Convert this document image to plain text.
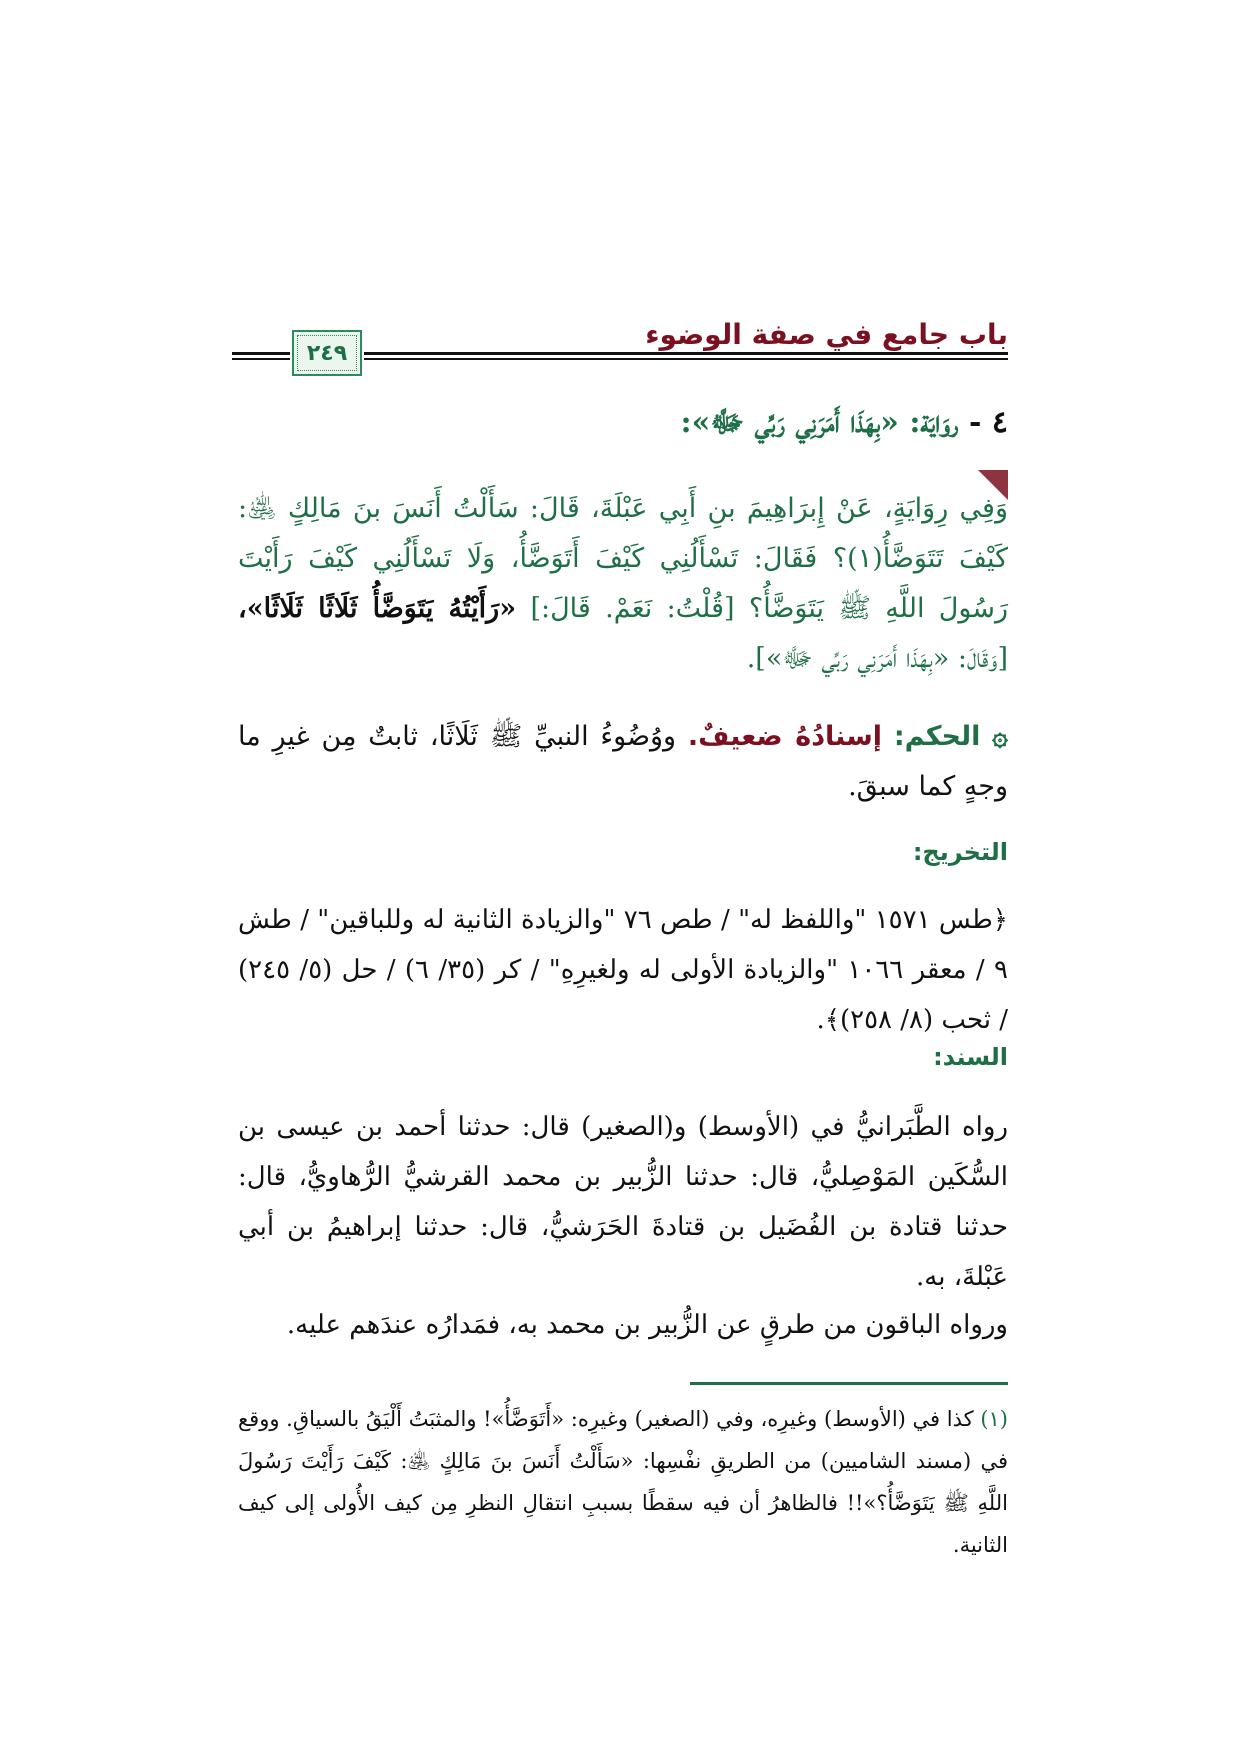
باب جامع في صفة الوضوء
٢٤٩
٤ - روَايَة: «بِهَذَا أَمَرَنِي رَبِّي ﷻ»:
وَفِي رِوَايَةٍ، عَنْ إِبرَاهِيمَ بنِ أَبِي عَبْلَةَ، قَالَ: سَأَلْتُ أَنَسَ بنَ مَالِكٍ ﵁: كَيْفَ تَتَوَضَّأُ(١)؟ فَقَالَ: تَسْأَلُنِي كَيْفَ أَتَوَضَّأُ، وَلَا تَسْأَلُنِي كَيْفَ رَأَيْتَ رَسُولَ اللَّهِ ﷺ يَتَوَضَّأُ؟ [قُلْتُ: نَعَمْ. قَالَ:] «رَأَيْتُهُ يَتَوَضَّأُ ثَلَاثًا ثَلَاثًا»، [وَقَالَ: «بِهَذَا أَمَرَنِي رَبِّي ﷻ»].
۞ الحكم: إسنادُهُ ضعيفٌ. ووُضُوءُ النبيِّ ﷺ ثَلَاثًا، ثابتٌ مِن غيرِ ما وجهٍ كما سبقَ.
التخريج:
﴿طس ١٥٧١ "واللفظ له" / طص ٧٦ "والزيادة الثانية له وللباقين" / طش ٩ / معقر ١٠٦٦ "والزيادة الأولى له ولغيرِهِ" / كر (٣٥/ ٦) / حل (٥/ ٢٤٥) / ثحب (٨/ ٢٥٨)﴾.
السند:
رواه الطَّبَرانيُّ في (الأوسط) و(الصغير) قال: حدثنا أحمد بن عيسى بن السُّكَين المَوْصِليُّ، قال: حدثنا الزُّبير بن محمد القرشيُّ الرُّهاويُّ، قال: حدثنا قتادة بن الفُضَيل بن قتادةَ الحَرَشيُّ، قال: حدثنا إبراهيمُ بن أبي عَبْلةَ، به.
ورواه الباقون من طرقٍ عن الزُّبير بن محمد به، فمَدارُه عندَهم عليه.
(١) كذا في (الأوسط) وغيرِه، وفي (الصغير) وغيرِه: «أَتَوَضَّأُ»! والمثبَتُ أَلْيَقُ بالسياقِ. ووقع في (مسند الشاميين) من الطريقِ نفْسِها: «سَأَلْتُ أَنَسَ بنَ مَالِكٍ ﵁: كَيْفَ رَأَيْتَ رَسُولَ اللَّهِ ﷺ يَتَوَضَّأُ؟»!! فالظاهرُ أن فيه سقطًا بسببِ انتقالِ النظرِ مِن كيف الأُولى إلى كيف الثانية.
